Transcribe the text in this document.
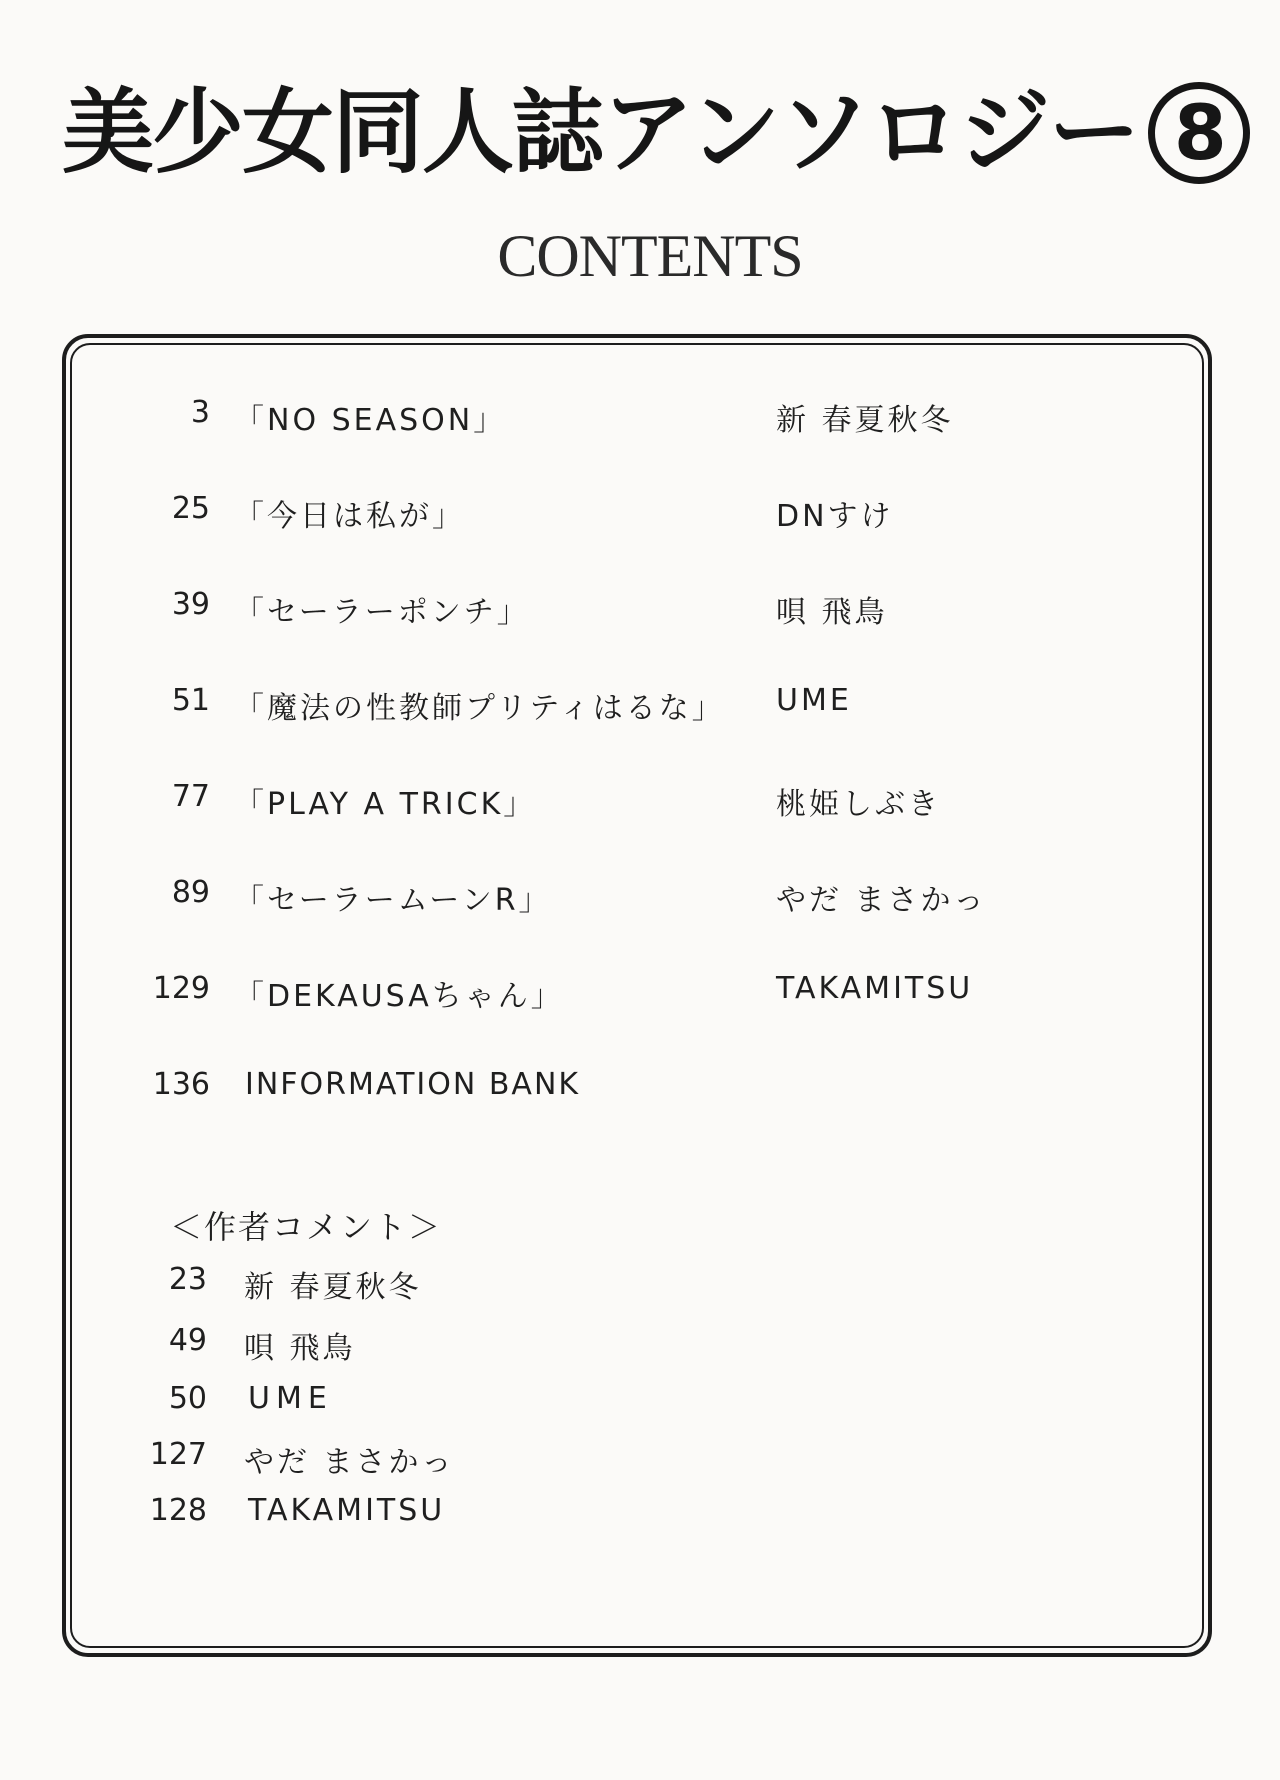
美少女同人誌アンソロジー 8
CONTENTS
3 「NO SEASON」	新 春夏秋冬
25 「今日は私が」	DNすけ
39 「セーラーポンチ」	唄 飛鳥
51 「魔法の性教師プリティはるな」 UME
77 「PLAY A TRICK」	桃姫しぶき
89 「セーラームーンR」	やだ まさかっ
129 「DEKAUSAちゃん」	TAKAMITSU
136 INFORMATION BANK
＜作者コメント＞
23 新 春夏秋冬
49 唄 飛鳥
50 UME
127 やだ まさかっ
128 TAKAMITSU
